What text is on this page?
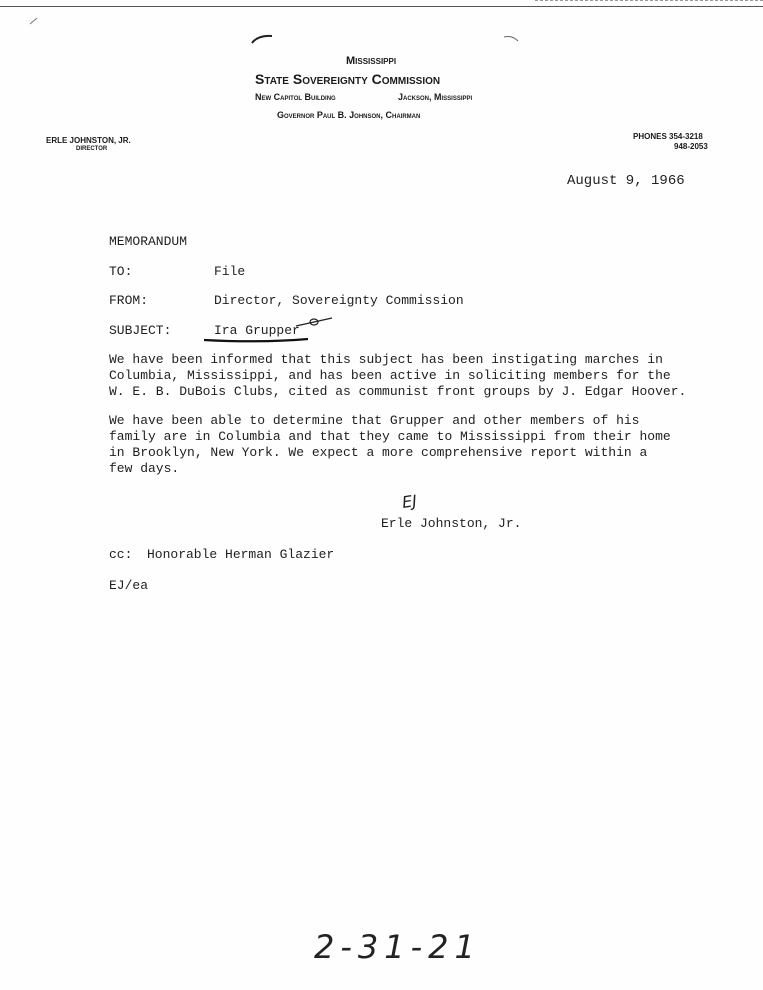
Mississippi
State Sovereignty Commission
New Capitol Building	Jackson, Mississippi
Governor Paul B. Johnson, Chairman
ERLE JOHNSTON, JR.
DIRECTOR
PHONES 354-3218
948-2053
August 9, 1966
MEMORANDUM
TO:	File
FROM:	Director, Sovereignty Commission
SUBJECT:	Ira Grupper
We have been informed that this subject has been instigating marches in
Columbia, Mississippi, and has been active in soliciting members for the
W. E. B. DuBois Clubs, cited as communist front groups by J. Edgar Hoover.
We have been able to determine that Grupper and other members of his
family are in Columbia and that they came to Mississippi from their home
in Brooklyn, New York. We expect a more comprehensive report within a
few days.
EJ
Erle Johnston, Jr.
cc: Honorable Herman Glazier
EJ/ea
2-31-21
